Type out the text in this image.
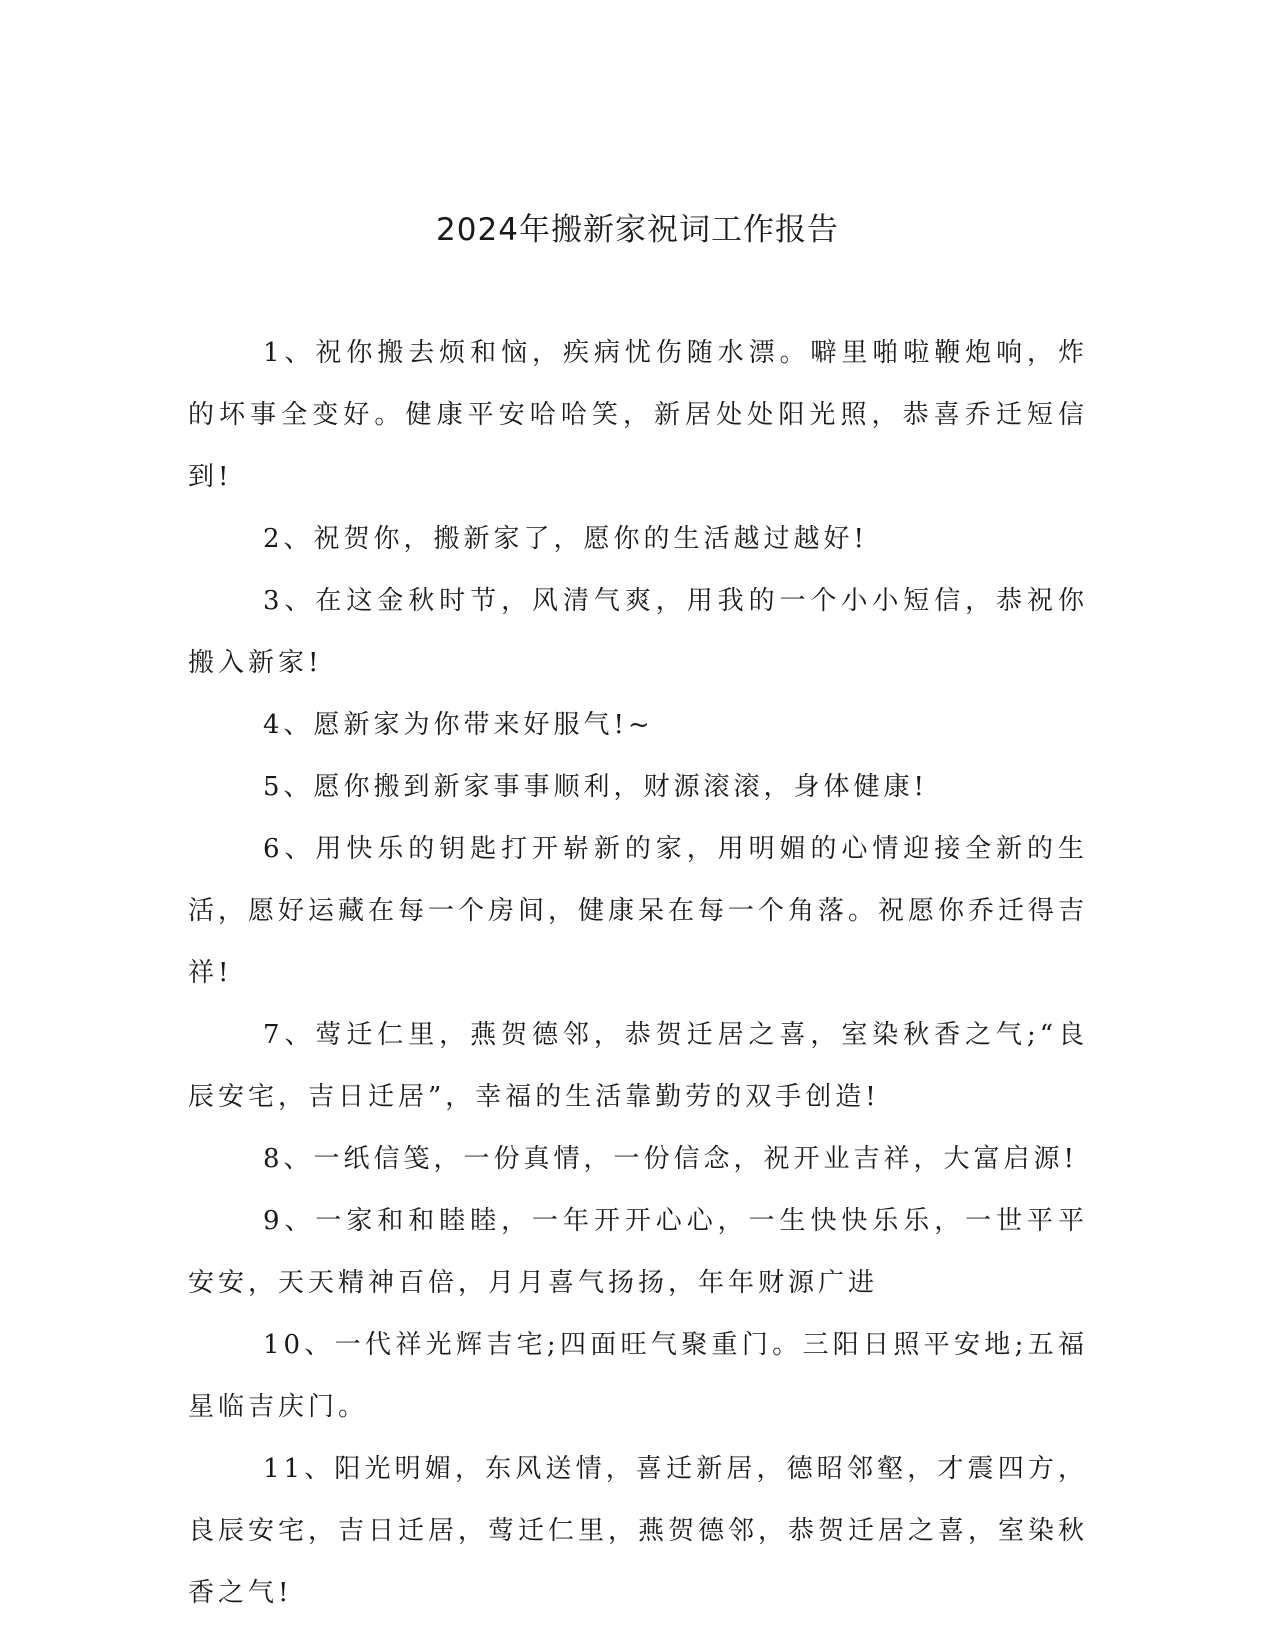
2024年搬新家祝词工作报告

1、祝你搬去烦和恼，疾病忧伤随水漂。噼里啪啦鞭炮响，炸的坏事全变好。健康平安哈哈笑，新居处处阳光照，恭喜乔迁短信到!

2、祝贺你，搬新家了，愿你的生活越过越好!

3、在这金秋时节，风清气爽，用我的一个小小短信，恭祝你搬入新家!

4、愿新家为你带来好服气!~

5、愿你搬到新家事事顺利，财源滚滚，身体健康!

6、用快乐的钥匙打开崭新的家，用明媚的心情迎接全新的生活，愿好运藏在每一个房间，健康呆在每一个角落。祝愿你乔迁得吉祥!

7、莺迁仁里，燕贺德邻，恭贺迁居之喜，室染秋香之气;“良辰安宅，吉日迁居”，幸福的生活靠勤劳的双手创造!

8、一纸信笺，一份真情，一份信念，祝开业吉祥，大富启源!

9、一家和和睦睦，一年开开心心，一生快快乐乐，一世平平安安，天天精神百倍，月月喜气扬扬，年年财源广进

10、一代祥光辉吉宅;四面旺气聚重门。三阳日照平安地;五福星临吉庆门。

11、阳光明媚，东风送情，喜迁新居，德昭邻壑，才震四方，良辰安宅，吉日迁居，莺迁仁里，燕贺德邻，恭贺迁居之喜，室染秋香之气!
